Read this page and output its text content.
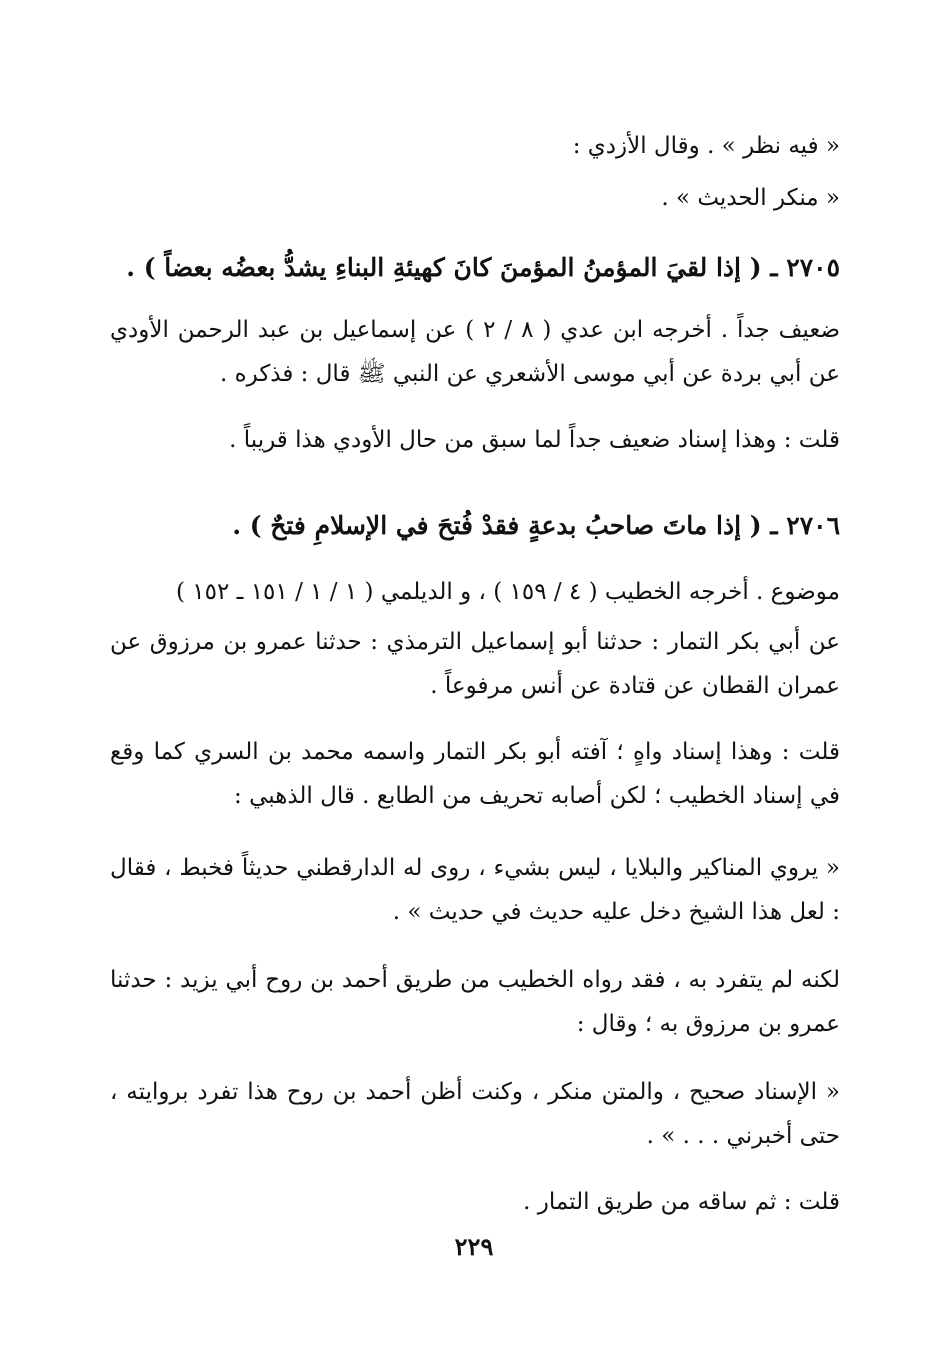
« فيه نظر » . وقال الأزدي :
« منكر الحديث » .
٢٧٠٥ ـ ( إذا لقيَ المؤمنُ المؤمنَ كانَ كهيئةِ البناءِ يشدُّ بعضُه بعضاً ) .
ضعيف جداً . أخرجه ابن عدي ( ٨ / ٢ ) عن إسماعيل بن عبد الرحمن الأودي عن أبي بردة عن أبي موسى الأشعري عن النبي ﷺ قال : فذكره .
قلت : وهذا إسناد ضعيف جداً لما سبق من حال الأودي هذا قريباً .
٢٧٠٦ ـ ( إذا ماتَ صاحبُ بدعةٍ فقدْ فُتحَ في الإسلامِ فتحٌ ) .
موضوع . أخرجه الخطيب ( ٤ / ١٥٩ ) ، و الديلمي ( ١ / ١ / ١٥١ ـ ١٥٢ )
عن أبي بكر التمار : حدثنا أبو إسماعيل الترمذي : حدثنا عمرو بن مرزوق عن عمران القطان عن قتادة عن أنس مرفوعاً .
قلت : وهذا إسناد واهٍ ؛ آفته أبو بكر التمار واسمه محمد بن السري كما وقع في إسناد الخطيب ؛ لكن أصابه تحريف من الطابع . قال الذهبي :
« يروي المناكير والبلايا ، ليس بشيء ، روى له الدارقطني حديثاً فخبط ، فقال : لعل هذا الشيخ دخل عليه حديث في حديث » .
لكنه لم يتفرد به ، فقد رواه الخطيب من طريق أحمد بن روح أبي يزيد : حدثنا عمرو بن مرزوق به ؛ وقال :
« الإسناد صحيح ، والمتن منكر ، وكنت أظن أحمد بن روح هذا تفرد بروايته ، حتى أخبرني . . . » .
قلت : ثم ساقه من طريق التمار .
٢٢٩
